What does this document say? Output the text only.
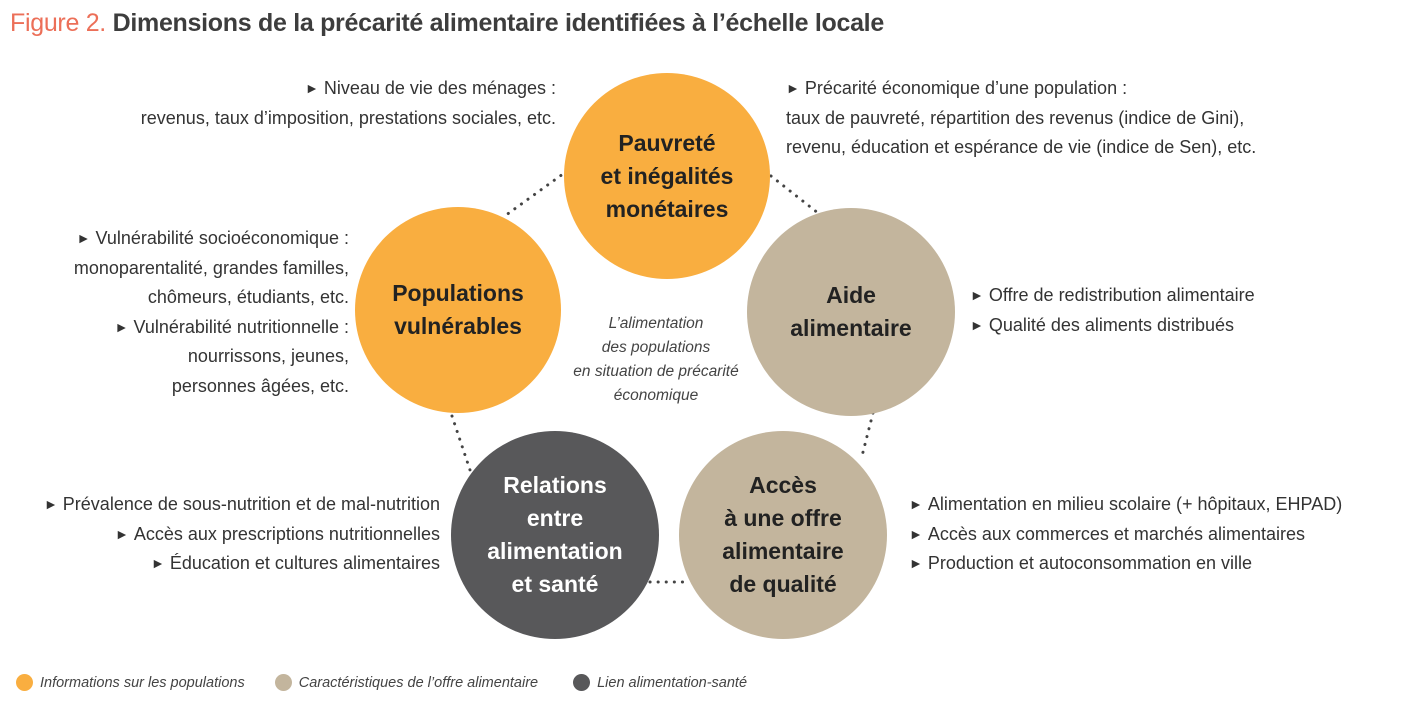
Figure 2. Dimensions de la précarité alimentaire identifiées à l’échelle locale
Pauvreté
et inégalités
monétaires
Populations
vulnérables
Aide
alimentaire
Relations
entre
alimentation
et santé
Accès
à une offre
alimentaire
de qualité
L’alimentation
des populations
en situation de précarité
économique
► Niveau de vie des ménages :
revenus, taux d’imposition, prestations sociales, etc.
► Précarité économique d’une population :
taux de pauvreté, répartition des revenus (indice de Gini),
revenu, éducation et espérance de vie (indice de Sen), etc.
► Vulnérabilité socioéconomique :
monoparentalité, grandes familles,
chômeurs, étudiants, etc.
► Vulnérabilité nutritionnelle :
nourrissons, jeunes,
personnes âgées, etc.
► Offre de redistribution alimentaire
► Qualité des aliments distribués
► Prévalence de sous-nutrition et de mal-nutrition
► Accès aux prescriptions nutritionnelles
► Éducation et cultures alimentaires
► Alimentation en milieu scolaire (+ hôpitaux, EHPAD)
► Accès aux commerces et marchés alimentaires
► Production et autoconsommation en ville
Informations sur les populations	Caractéristiques de l’offre alimentaire	Lien alimentation-santé
